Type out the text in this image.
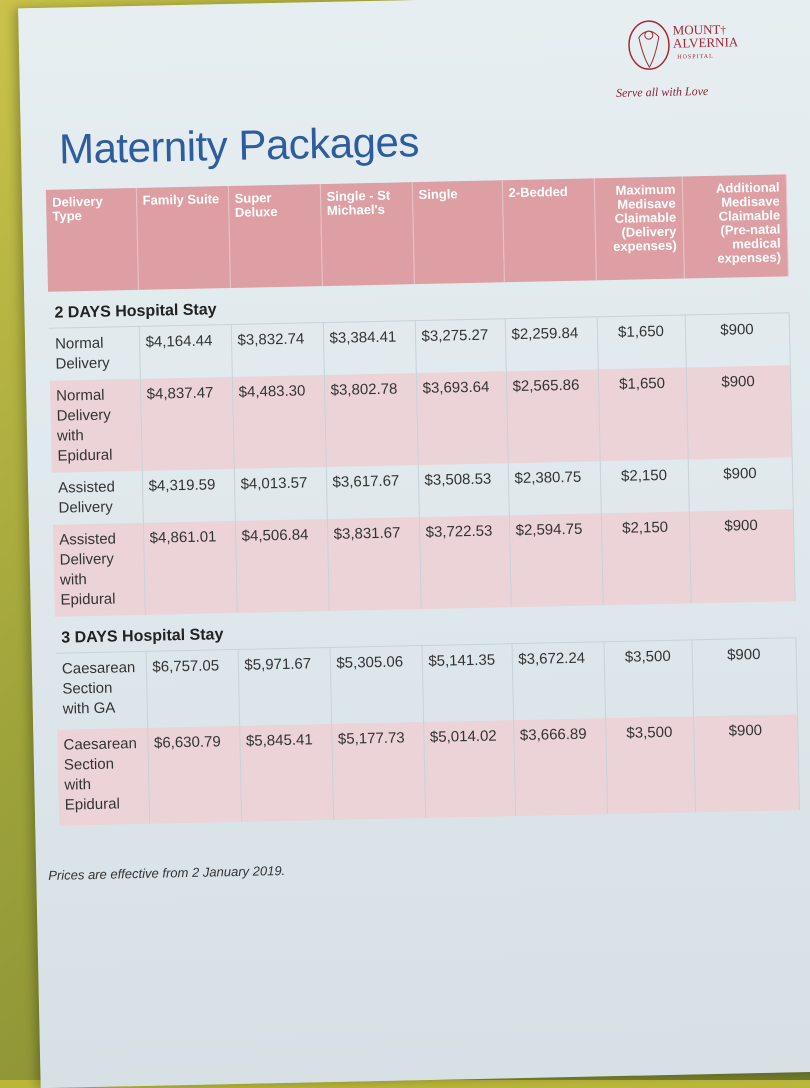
MOUNT†
ALVERNIA
HOSPITAL
Serve all with Love
Maternity Packages
Delivery Type	Family Suite	Super Deluxe	Single - St Michael's	Single	2-Bedded	Maximum Medisave Claimable (Delivery expenses)	Additional Medisave Claimable (Pre-natal medical expenses)
2 DAYS Hospital Stay							
Normal Delivery	$4,164.44	$3,832.74	$3,384.41	$3,275.27	$2,259.84	$1,650	$900
Normal Delivery with Epidural	$4,837.47	$4,483.30	$3,802.78	$3,693.64	$2,565.86	$1,650	$900
Assisted Delivery	$4,319.59	$4,013.57	$3,617.67	$3,508.53	$2,380.75	$2,150	$900
Assisted Delivery with Epidural	$4,861.01	$4,506.84	$3,831.67	$3,722.53	$2,594.75	$2,150	$900
3 DAYS Hospital Stay							
Caesarean Section with GA	$6,757.05	$5,971.67	$5,305.06	$5,141.35	$3,672.24	$3,500	$900
Caesarean Section with Epidural	$6,630.79	$5,845.41	$5,177.73	$5,014.02	$3,666.89	$3,500	$900
Prices are effective from 2 January 2019.
